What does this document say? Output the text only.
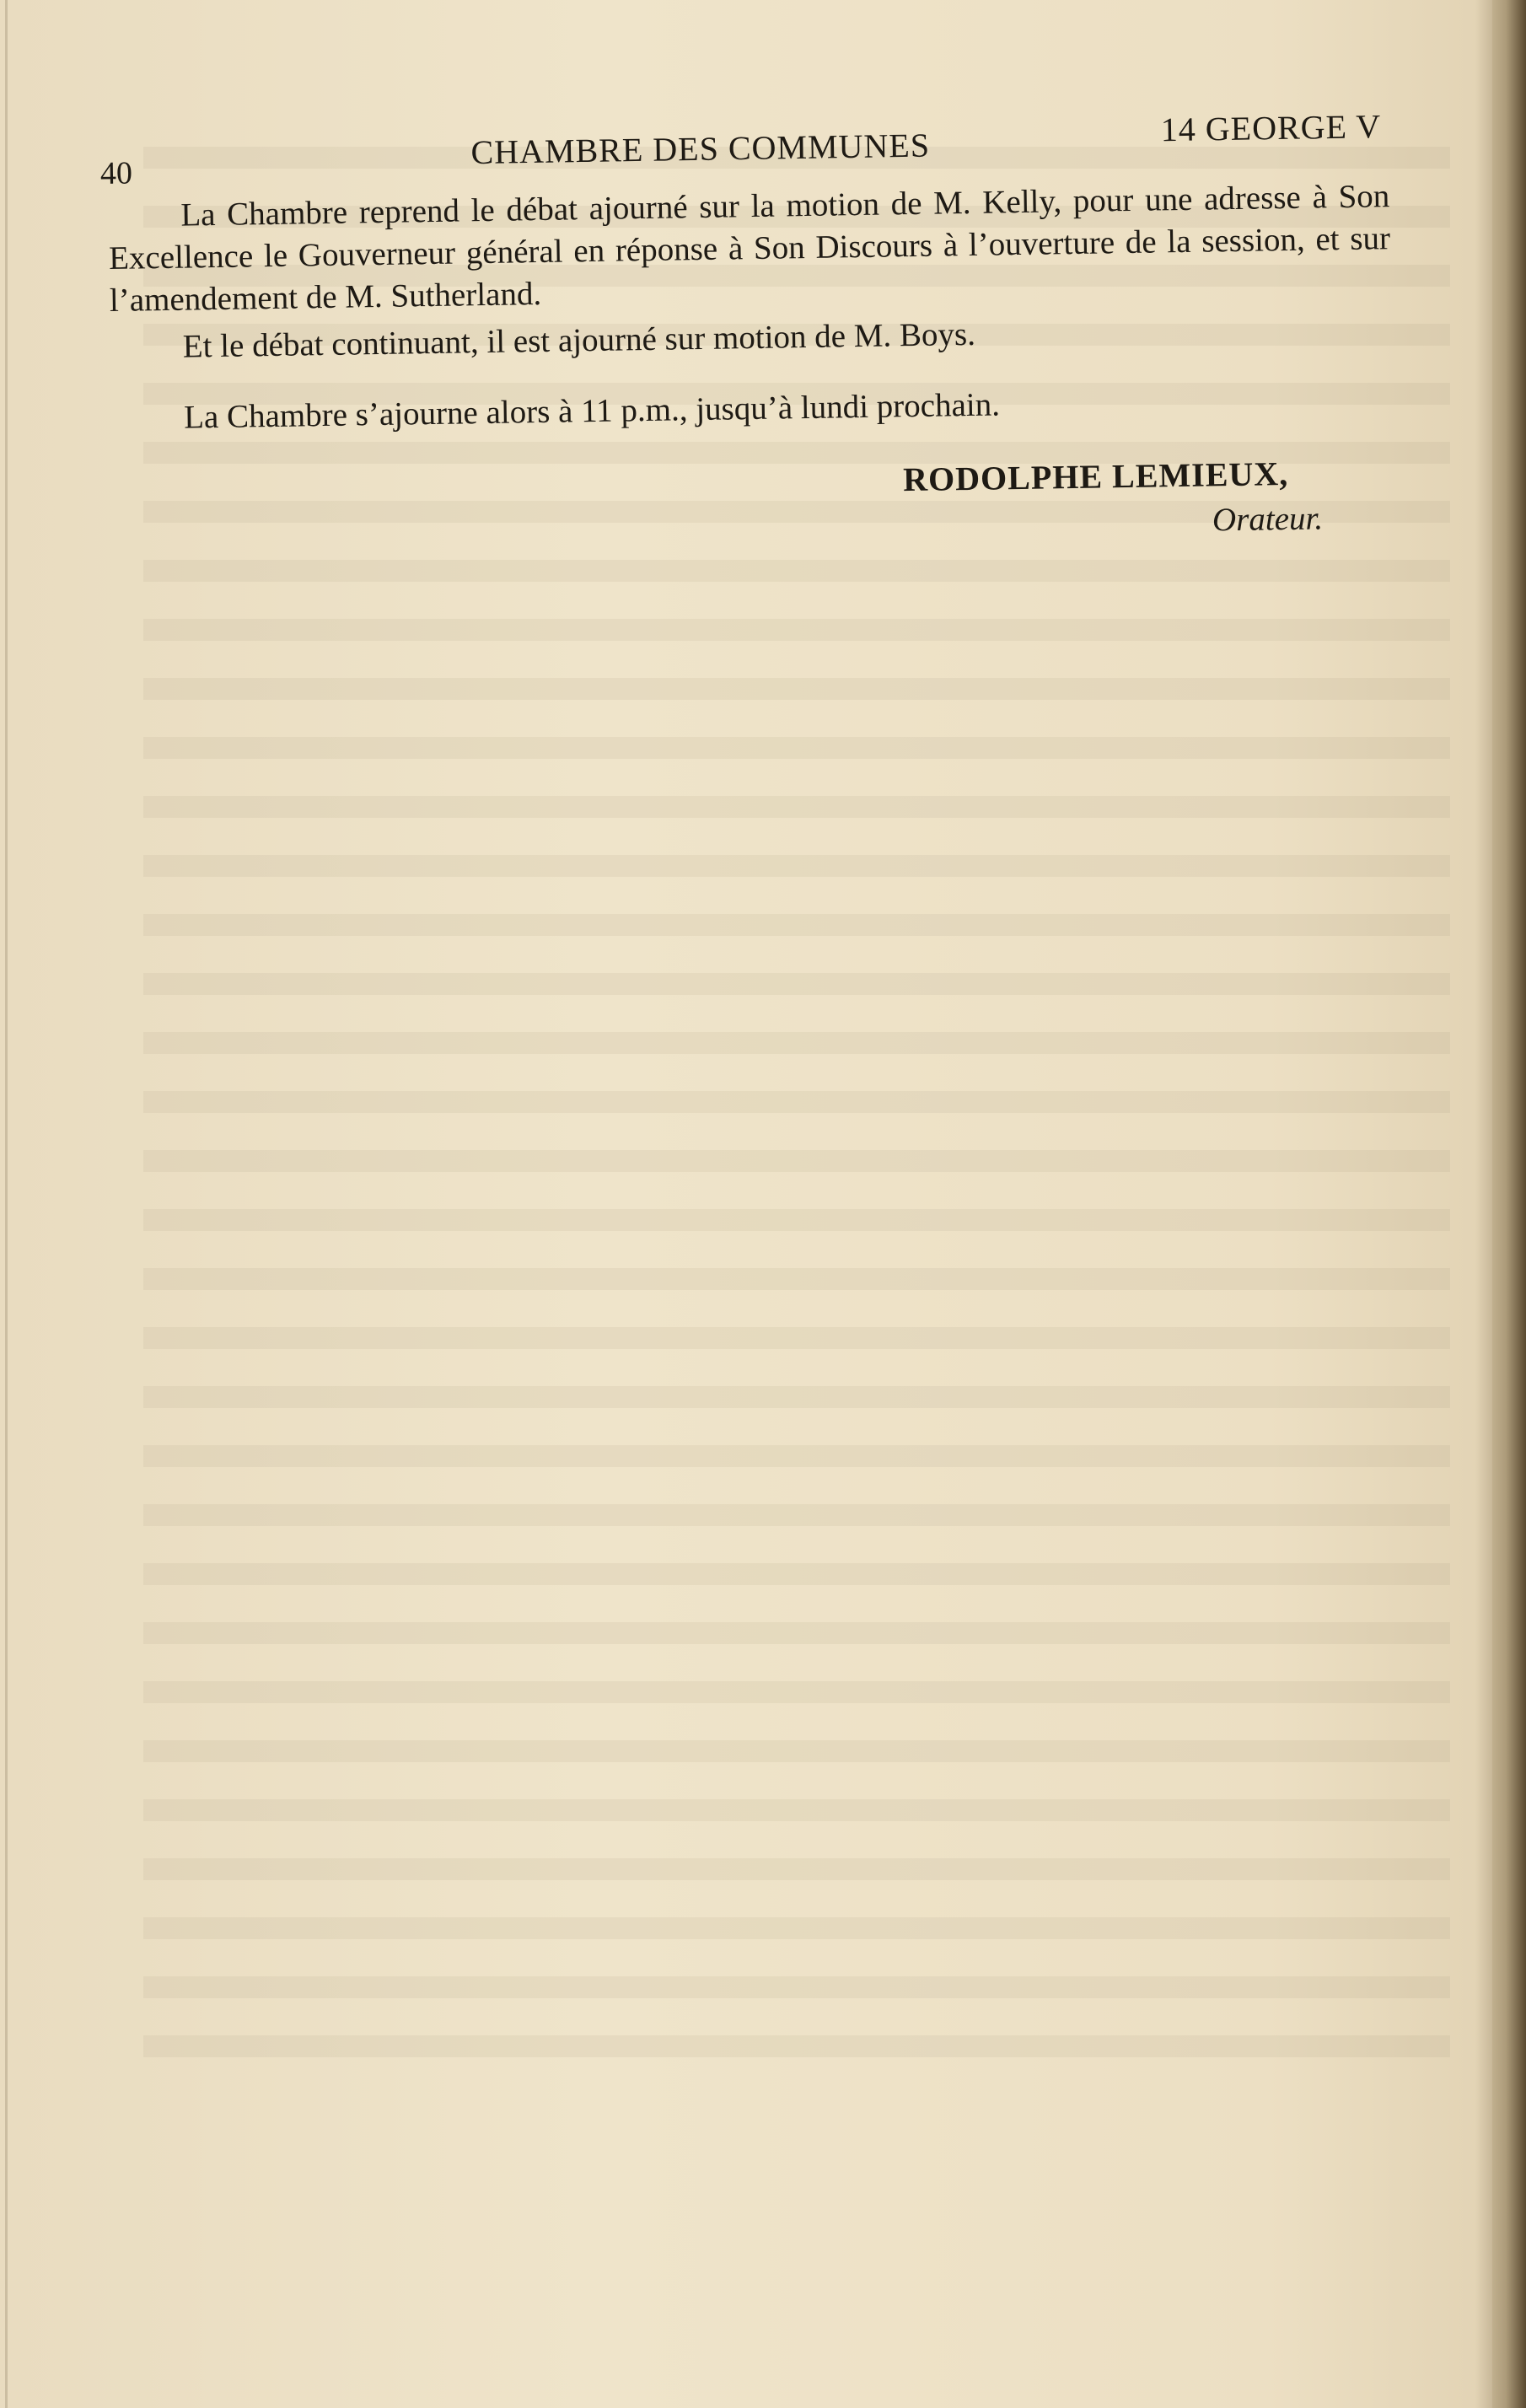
40
CHAMBRE DES COMMUNES	14 GEORGE V

La Chambre reprend le débat ajourné sur la motion de M. Kelly, pour une adresse à Son Excellence le Gouverneur général en réponse à Son Discours à l’ouverture de la session, et sur l’amendement de M. Sutherland.

Et le débat continuant, il est ajourné sur motion de M. Boys.

La Chambre s’ajourne alors à 11 p.m., jusqu’à lundi prochain.

RODOLPHE LEMIEUX,
Orateur.
